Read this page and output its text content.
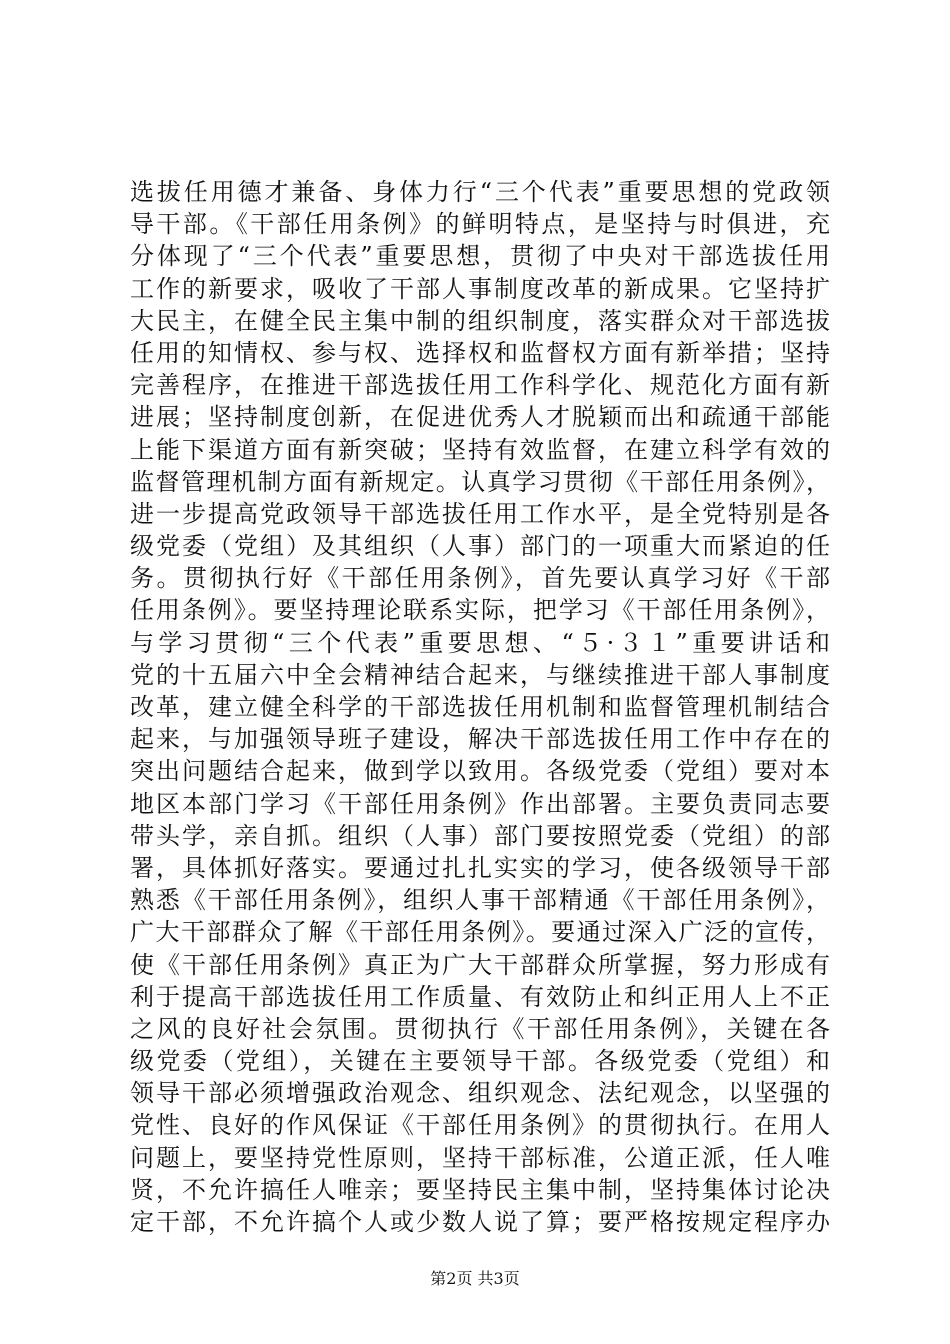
选拔任用德才兼备、身体力行“三个代表”重要思想的党政领
导干部。《干部任用条例》的鲜明特点，是坚持与时俱进，充
分体现了“三个代表”重要思想，贯彻了中央对干部选拔任用
工作的新要求，吸收了干部人事制度改革的新成果。它坚持扩
大民主，在健全民主集中制的组织制度，落实群众对干部选拔
任用的知情权、参与权、选择权和监督权方面有新举措；坚持
完善程序，在推进干部选拔任用工作科学化、规范化方面有新
进展；坚持制度创新，在促进优秀人才脱颖而出和疏通干部能
上能下渠道方面有新突破；坚持有效监督，在建立科学有效的
监督管理机制方面有新规定。认真学习贯彻《干部任用条例》，
进一步提高党政领导干部选拔任用工作水平，是全党特别是各
级党委（党组）及其组织（人事）部门的一项重大而紧迫的任
务。贯彻执行好《干部任用条例》，首先要认真学习好《干部
任用条例》。要坚持理论联系实际，把学习《干部任用条例》，
与学习贯彻“三个代表”重要思想、“５·３１”重要讲话和
党的十五届六中全会精神结合起来，与继续推进干部人事制度
改革，建立健全科学的干部选拔任用机制和监督管理机制结合
起来，与加强领导班子建设，解决干部选拔任用工作中存在的
突出问题结合起来，做到学以致用。各级党委（党组）要对本
地区本部门学习《干部任用条例》作出部署。主要负责同志要
带头学，亲自抓。组织（人事）部门要按照党委（党组）的部
署，具体抓好落实。要通过扎扎实实的学习，使各级领导干部
熟悉《干部任用条例》，组织人事干部精通《干部任用条例》，
广大干部群众了解《干部任用条例》。要通过深入广泛的宣传，
使《干部任用条例》真正为广大干部群众所掌握，努力形成有
利于提高干部选拔任用工作质量、有效防止和纠正用人上不正
之风的良好社会氛围。贯彻执行《干部任用条例》，关键在各
级党委（党组），关键在主要领导干部。各级党委（党组）和
领导干部必须增强政治观念、组织观念、法纪观念，以坚强的
党性、良好的作风保证《干部任用条例》的贯彻执行。在用人
问题上，要坚持党性原则，坚持干部标准，公道正派，任人唯
贤，不允许搞任人唯亲；要坚持民主集中制，坚持集体讨论决
定干部，不允许搞个人或少数人说了算；要严格按规定程序办
第2页 共3页
